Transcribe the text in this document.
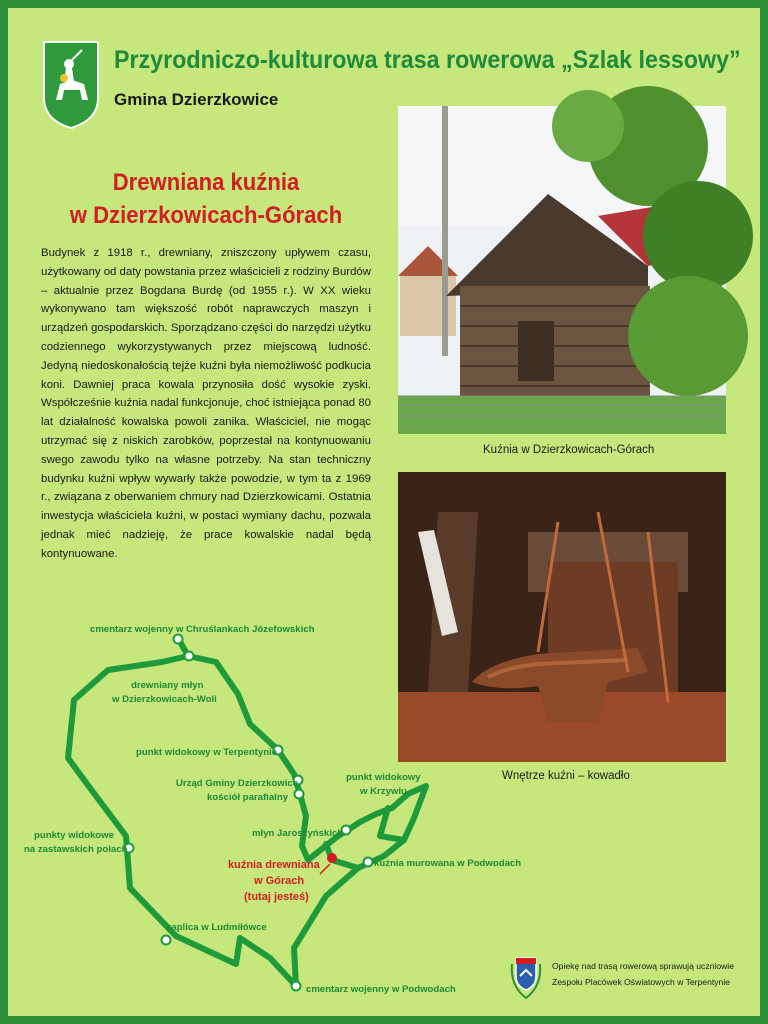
Przyrodniczo-kulturowa trasa rowerowa „Szlak lessowy”
Gmina Dzierzkowice
Drewniana kuźnia
w Dzierzkowicach-Górach
Budynek z 1918 r., drewniany, zniszczony upływem czasu, użytkowany od daty powstania przez właścicieli z rodziny Burdów – aktualnie przez Bogdana Burdę (od 1955 r.). W XX wieku wykonywano tam większość robót naprawczych maszyn i urządzeń gospodarskich. Sporządzano części do narzędzi użytku codziennego wykorzystywanych przez miejscową ludność. Jedyną niedoskonałością tejże kuźni była niemożliwość podkucia koni. Dawniej praca kowala przynosiła dość wysokie zyski. Współcześnie kuźnia nadal funkcjonuje, choć istniejąca ponad 80 lat działalność kowalska powoli zanika. Właściciel, nie mogąc utrzymać się z niskich zarobków, poprzestał na kontynuowaniu swego zawodu tylko na własne potrzeby. Na stan techniczny budynku kuźni wpływ wywarły także powodzie, w tym ta z 1969 r., związana z oberwaniem chmury nad Dzierzkowicami. Ostatnia inwestycja właściciela kuźni, w postaci wymiany dachu, pozwala jednak mieć nadzieję, że prace kowalskie nadal będą kontynuowane.
Kuźnia w Dzierzkowicach-Górach
Wnętrze kuźni – kowadło
cmentarz wojenny w Chruślankach Józefowskich
drewniany młyn
w Dzierzkowicach-Woli
punkt widokowy w Terpentynie
Urząd Gminy Dzierzkowice
kościół parafialny
punkt widokowy
w Krzywiu
punkty widokowe
na zastawskich polach
młyn Jaroszyńskich
kuźnia drewniana
w Górach
(tutaj jesteś)
kuźnia murowana w Podwodach
kaplica w Ludmiłówce
cmentarz wojenny w Podwodach
Opiekę nad trasą rowerową sprawują uczniowie
Zespołu Placówek Oświatowych w Terpentynie
